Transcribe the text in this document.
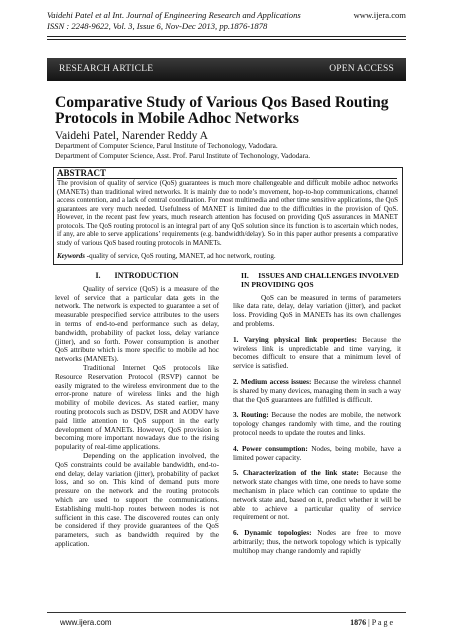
Vaidehi Patel et al Int. Journal of Engineering Research and Applications
ISSN : 2248-9622, Vol. 3, Issue 6, Nov-Dec 2013, pp.1876-1878
www.ijera.com
RESEARCH ARTICLE	OPEN ACCESS
Comparative Study of Various Qos Based Routing Protocols in Mobile Adhoc Networks
Vaidehi Patel, Narender Reddy A
Department of Computer Science, Parul Institute of Techonology, Vadodara.
Department of Computer Science, Asst. Prof. Parul Institute of Techonology, Vadodara.
ABSTRACT
The provision of quality of service (QoS) guarantees is much more challengeable and difficult mobile adhoc networks (MANETs) than traditional wired networks. It is mainly due to node’s movement, hop-to-hop communications, channel access contention, and a lack of central coordination. For most multimedia and other time sensitive applications, the QoS guarantees are very much needed. Usefulness of MANET is limited due to the difficulties in the provision of QoS. However, in the recent past few years, much research attention has focused on providing QoS assurances in MANET protocols. The QoS routing protocol is an integral part of any QoS solution since its function is to ascertain which nodes, if any, are able to serve applications’ requirements (e.g. bandwidth/delay). So in this paper author presents a comparative study of various QoS based routing protocols in MANETs.
Keywords -quality of service, QoS routing, MANET, ad hoc network, routing.
I.       INTRODUCTION

Quality of service (QoS) is a measure of the level of service that a particular data gets in the network. The network is expected to guarantee a set of measurable prespecified service attributes to the users in terms of end-to-end performance such as delay, bandwidth, probability of packet loss, delay variance (jitter), and so forth. Power consumption is another QoS attribute which is more specific to mobile ad hoc networks (MANETs).

Traditional Internet QoS protocols like Resource Reservation Protocol (RSVP) cannot be easily migrated to the wireless environment due to the error-prone nature of wireless links and the high mobility of mobile devices. As stated earlier, many routing protocols such as DSDV, DSR and AODV have paid little attention to QoS support in the early development of MANETs. However, QoS provision is becoming more important nowadays due to the rising popularity of real-time applications.

Depending on the application involved, the QoS constraints could be available bandwidth, end-to-end delay, delay variation (jitter), probability of packet loss, and so on. This kind of demand puts more pressure on the network and the routing protocols which are used to support the communications. Establishing multi-hop routes between nodes is not sufficient in this case. The discovered routes can only be considered if they provide guarantees of the QoS parameters, such as bandwidth required by the application.

II.     ISSUES AND CHALLENGES INVOLVED IN PROVIDING QOS

QoS can be measured in terms of parameters like data rate, delay, delay variation (jitter), and packet loss. Providing QoS in MANETs has its own challenges and problems.

1. Varying physical link properties: Because the wireless link is unpredictable and time varying, it becomes difficult to ensure that a minimum level of service is satisfied.

2. Medium access issues: Because the wireless channel is shared by many devices, managing them in such a way that the QoS guarantees are fulfilled is difficult.

3. Routing: Because the nodes are mobile, the network topology changes randomly with time, and the routing protocol needs to update the routes and links.

4. Power consumption: Nodes, being mobile, have a limited power capacity.

5. Characterization of the link state: Because the network state changes with time, one needs to have some mechanism in place which can continue to update the network state and, based on it, predict whether it will be able to achieve a particular quality of service requirement or not.

6. Dynamic topologies: Nodes are free to move arbitrarily; thus, the network topology which is typically multihop may change randomly and rapidly

www.ijera.com	1876 | P a g e
